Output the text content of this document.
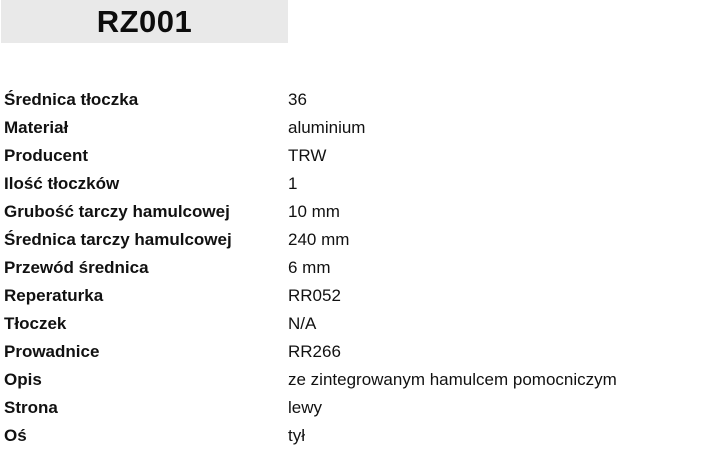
RZ001
Średnica tłoczka	36
Materiał	aluminium
Producent	TRW
Ilość tłoczków	1
Grubość tarczy hamulcowej	10 mm
Średnica tarczy hamulcowej	240 mm
Przewód średnica	6 mm
Reperaturka	RR052
Tłoczek	N/A
Prowadnice	RR266
Opis	ze zintegrowanym hamulcem pomocniczym
Strona	lewy
Oś	tył
